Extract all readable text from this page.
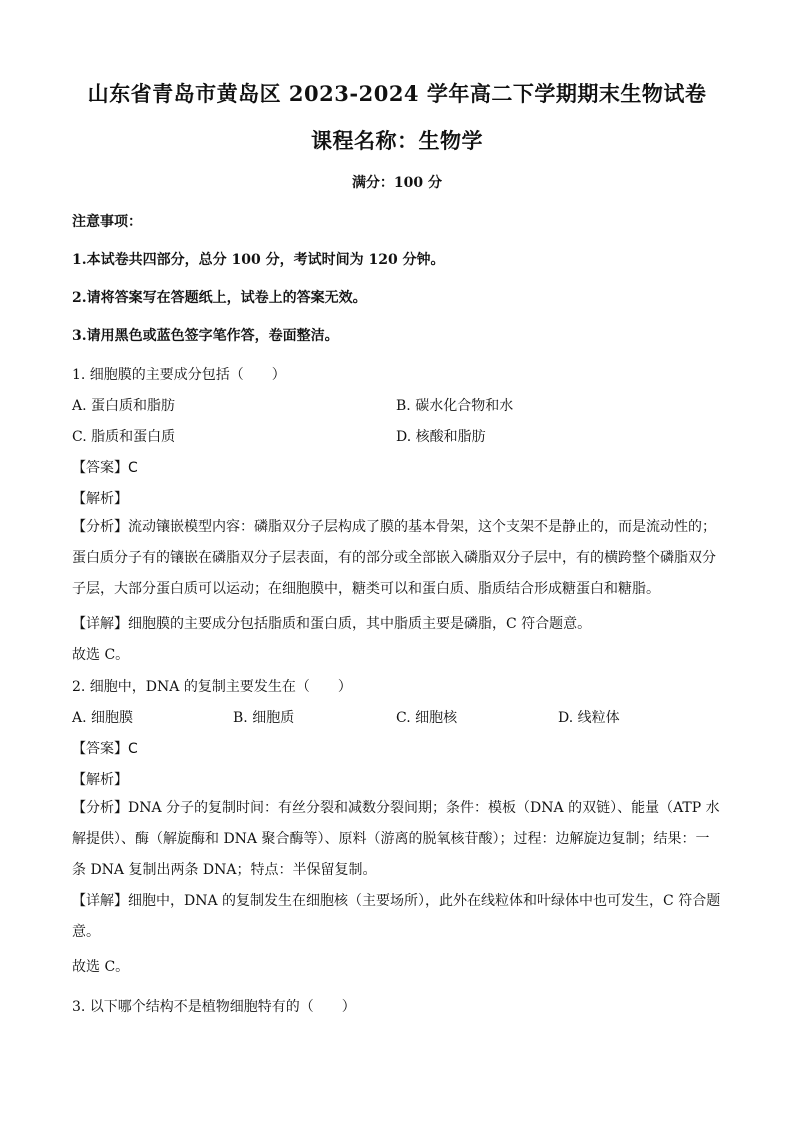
山东省青岛市黄岛区 2023-2024 学年高二下学期期末生物试卷
课程名称：生物学
满分：100 分
注意事项：
1.本试卷共四部分，总分 100 分，考试时间为 120 分钟。
2.请将答案写在答题纸上，试卷上的答案无效。
3.请用黑色或蓝色签字笔作答，卷面整洁。
1. 细胞膜的主要成分包括（　　）
A. 蛋白质和脂肪	B. 碳水化合物和水
C. 脂质和蛋白质	D. 核酸和脂肪
【答案】C
【解析】
【分析】流动镶嵌模型内容：磷脂双分子层构成了膜的基本骨架，这个支架不是静止的，而是流动性的；蛋白质分子有的镶嵌在磷脂双分子层表面，有的部分或全部嵌入磷脂双分子层中，有的横跨整个磷脂双分子层，大部分蛋白质可以运动；在细胞膜中，糖类可以和蛋白质、脂质结合形成糖蛋白和糖脂。
【详解】细胞膜的主要成分包括脂质和蛋白质，其中脂质主要是磷脂，C 符合题意。
故选 C。
2. 细胞中，DNA 的复制主要发生在（　　）
A. 细胞膜	B. 细胞质	C. 细胞核	D. 线粒体
【答案】C
【解析】
【分析】DNA 分子的复制时间：有丝分裂和减数分裂间期；条件：模板（DNA 的双链）、能量（ATP 水解提供）、酶（解旋酶和 DNA 聚合酶等）、原料（游离的脱氧核苷酸）；过程：边解旋边复制；结果：一条 DNA 复制出两条 DNA；特点：半保留复制。
【详解】细胞中，DNA 的复制发生在细胞核（主要场所），此外在线粒体和叶绿体中也可发生，C 符合题意。
故选 C。
3. 以下哪个结构不是植物细胞特有的（　　）
